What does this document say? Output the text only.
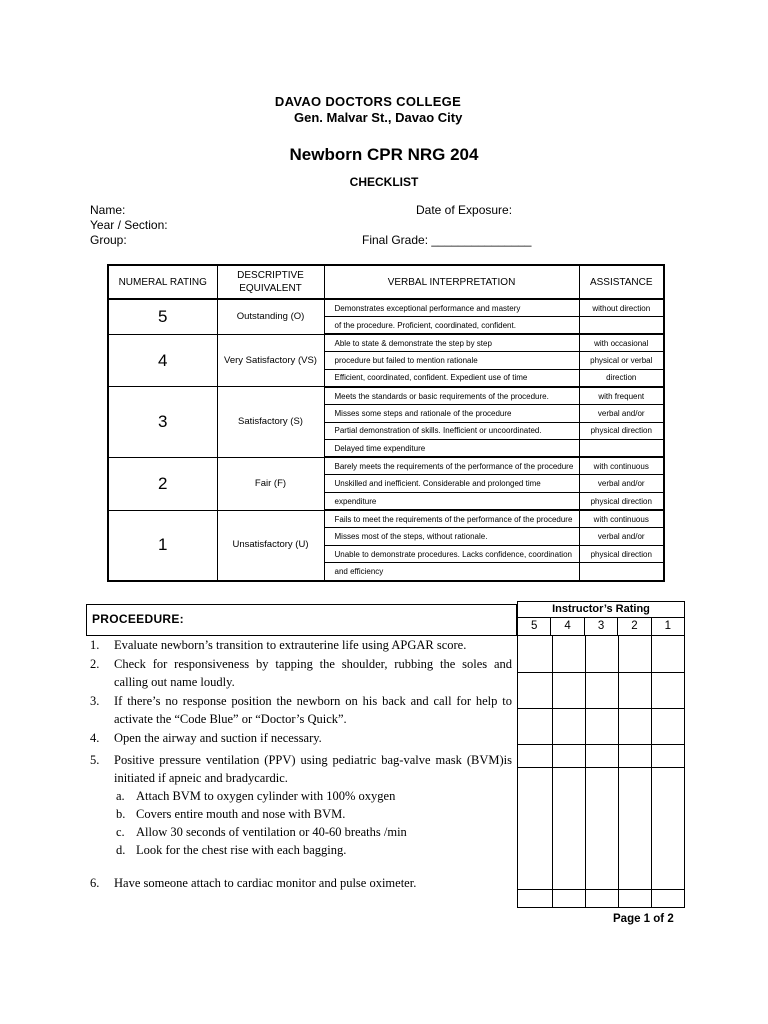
DAVAO DOCTORS COLLEGE
Gen. Malvar St., Davao City
Newborn CPR NRG 204
CHECKLIST
Name:
Year / Section:
Group:
Date of Exposure:
Final Grade: _______________
NUMERAL RATING	DESCRIPTIVE EQUIVALENT	VERBAL INTERPRETATION	ASSISTANCE
5	Outstanding (O)	Demonstrates exceptional performance and mastery	without direction
		of the procedure. Proficient, coordinated, confident.	
4	Very Satisfactory (VS)	Able to state & demonstrate the step by step	with occasional
		procedure but failed to mention rationale	physical or verbal
		Efficient, coordinated, confident. Expedient use of time	direction
3	Satisfactory (S)	Meets the standards or basic requirements of the procedure.	with frequent
		Misses some steps and rationale of the procedure	verbal and/or
		Partial demonstration of skills. Inefficient or uncoordinated.	physical direction
		Delayed time expenditure	
2	Fair (F)	Barely meets the requirements of the performance of the procedure	with continuous
		Unskilled and inefficient. Considerable and prolonged time	verbal and/or
		expenditure	physical direction
1	Unsatisfactory (U)	Fails to meet the requirements of the performance of the procedure	with continuous
		Misses most of the steps, without rationale.	verbal and/or
		Unable to demonstrate procedures. Lacks confidence, coordination	physical direction
		and efficiency	
PROCEEDURE:
Instructor’s Rating
5	4	3	2	1
1. Evaluate newborn’s transition to extrauterine life using APGAR score.
2. Check for responsiveness by tapping the shoulder, rubbing the soles and calling out name loudly.
3. If there’s no response position the newborn on his back and call for help to activate the “Code Blue” or “Doctor’s Quick”.
4. Open the airway and suction if necessary.
5. Positive pressure ventilation (PPV) using pediatric bag-valve mask (BVM)is initiated if apneic and bradycardic.
a. Attach BVM to oxygen cylinder with 100% oxygen
b. Covers entire mouth and nose with BVM.
c. Allow 30 seconds of ventilation or 40-60 breaths /min
d. Look for the chest rise with each bagging.
6. Have someone attach to cardiac monitor and pulse oximeter.
Page 1 of 2
